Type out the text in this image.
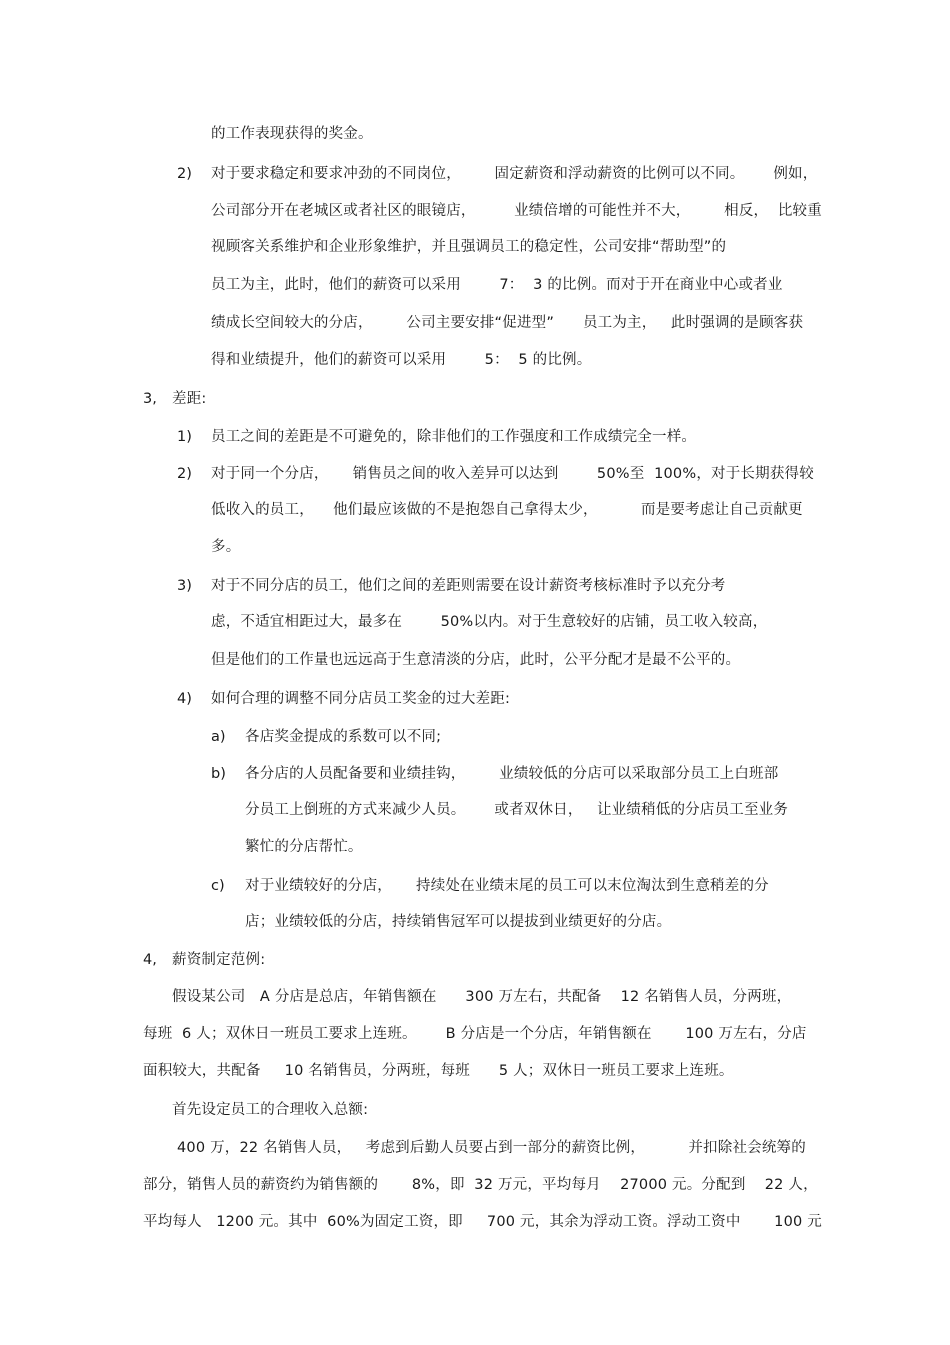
的工作表现获得的奖金。
2) 对于要求稳定和要求冲劲的不同岗位，       固定薪资和浮动薪资的比例可以不同。      例如，
公司部分开在老城区或者社区的眼镜店，        业绩倍增的可能性并不大，       相反，  比较重
视顾客关系维护和企业形象维护，并且强调员工的稳定性，公司安排“帮助型”的
员工为主，此时，他们的薪资可以采用        7：  3 的比例。而对于开在商业中心或者业
绩成长空间较大的分店，       公司主要安排“促进型”      员工为主，   此时强调的是顾客获
得和业绩提升，他们的薪资可以采用        5：  5 的比例。
3, 差距:
1) 员工之间的差距是不可避免的，除非他们的工作强度和工作成绩完全一样。
2) 对于同一个分店，     销售员之间的收入差异可以达到        50%至  100%，对于长期获得较
低收入的员工，    他们最应该做的不是抱怨自己拿得太少，         而是要考虑让自己贡献更
多。
3) 对于不同分店的员工，他们之间的差距则需要在设计薪资考核标准时予以充分考
虑，不适宜相距过大，最多在        50%以内。对于生意较好的店铺，员工收入较高，
但是他们的工作量也远远高于生意清淡的分店，此时，公平分配才是最不公平的。
4) 如何合理的调整不同分店员工奖金的过大差距:
a) 各店奖金提成的系数可以不同;
b) 各分店的人员配备要和业绩挂钩，       业绩较低的分店可以采取部分员工上白班部
分员工上倒班的方式来减少人员。      或者双休日，   让业绩稍低的分店员工至业务
繁忙的分店帮忙。
c) 对于业绩较好的分店，     持续处在业绩末尾的员工可以末位淘汰到生意稍差的分
店；业绩较低的分店，持续销售冠军可以提拔到业绩更好的分店。
4, 薪资制定范例:
假设某公司   A 分店是总店，年销售额在      300 万左右，共配备    12 名销售人员，分两班，
每班  6 人；双休日一班员工要求上连班。      B 分店是一个分店，年销售额在       100 万左右，分店
面积较大，共配备     10 名销售员，分两班，每班      5 人；双休日一班员工要求上连班。
首先设定员工的合理收入总额:
400 万，22 名销售人员，   考虑到后勤人员要占到一部分的薪资比例，         并扣除社会统筹的
部分，销售人员的薪资约为销售额的       8%，即  32 万元，平均每月    27000 元。分配到    22 人，
平均每人   1200 元。其中  60%为固定工资，即     700 元，其余为浮动工资。浮动工资中       100 元
